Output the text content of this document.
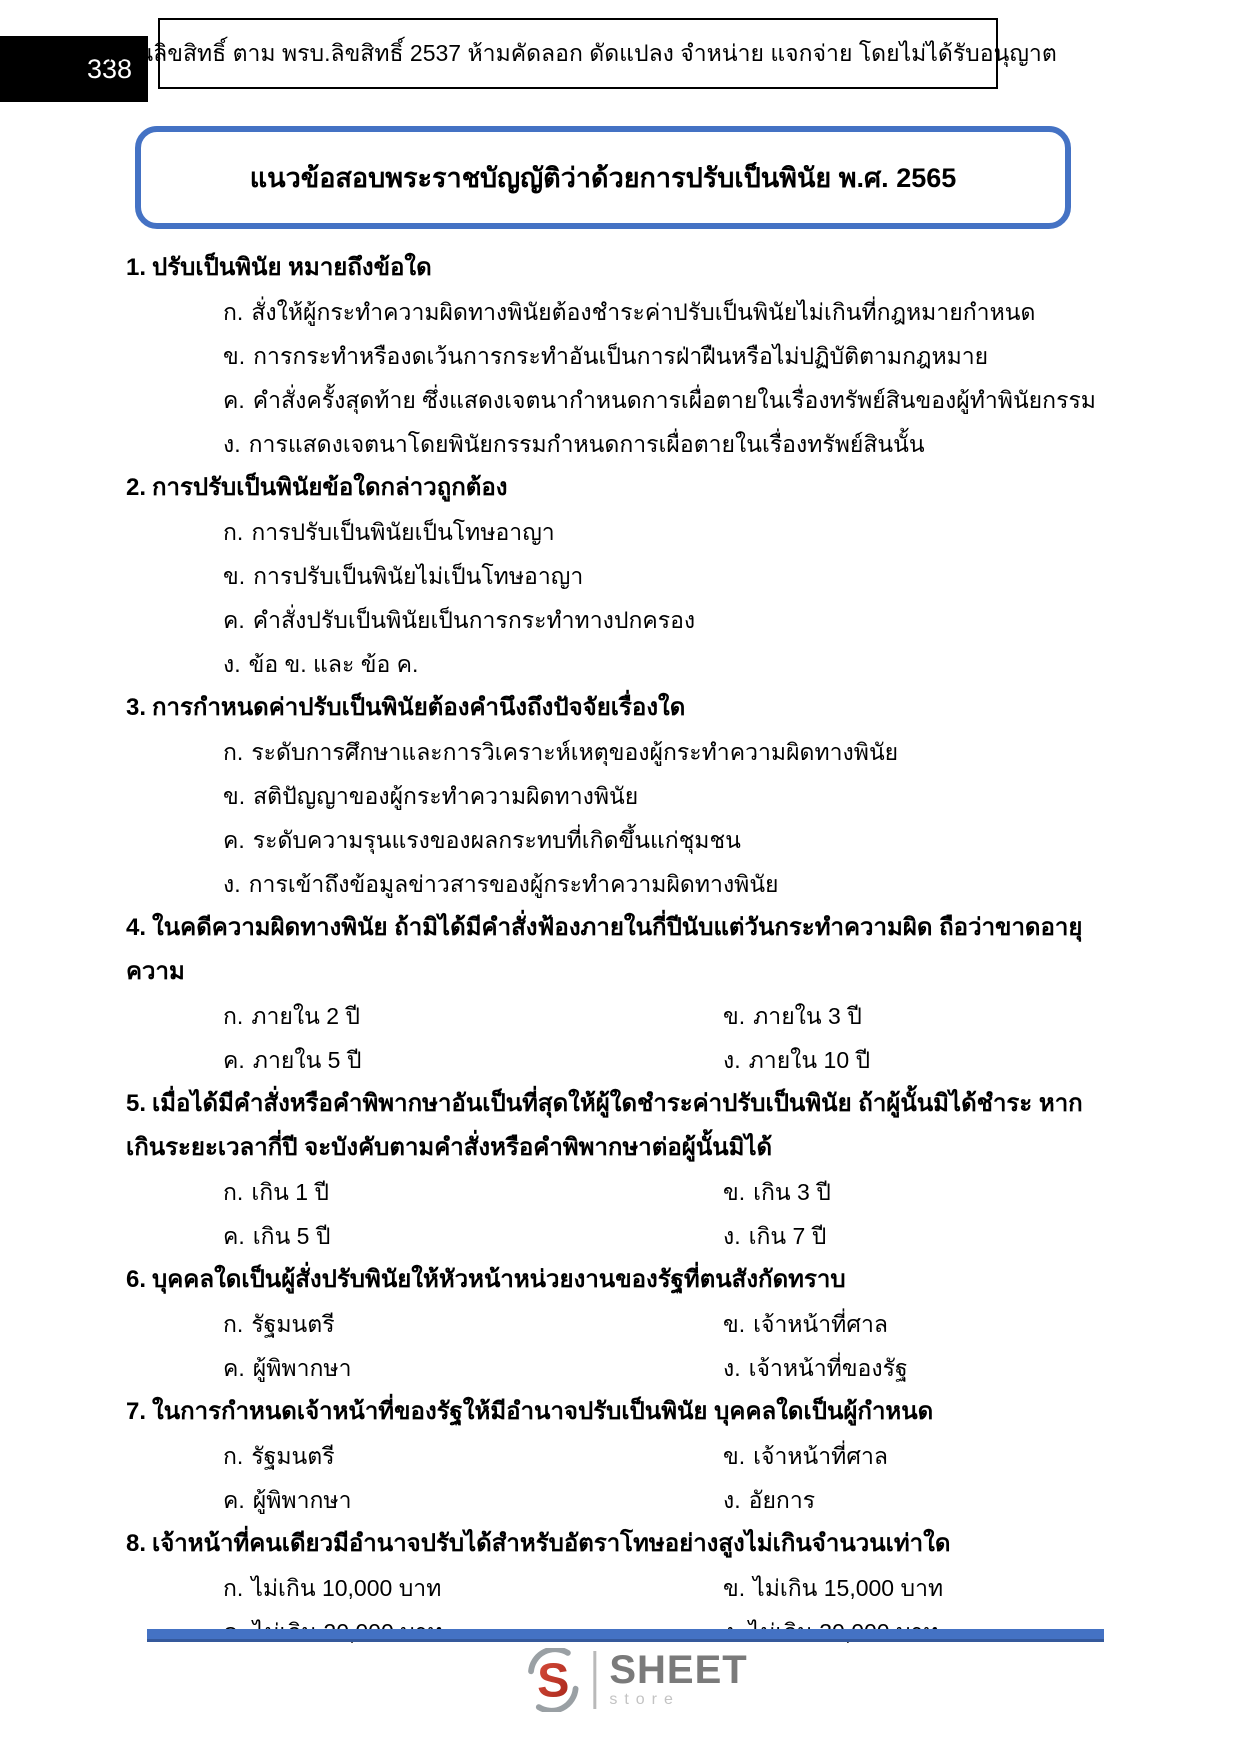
338
สงวนลิขสิทธิ์ ตาม พรบ.ลิขสิทธิ์ 2537 ห้ามคัดลอก ดัดแปลง จำหน่าย แจกจ่าย โดยไม่ได้รับอนุญาต
แนวข้อสอบพระราชบัญญัติว่าด้วยการปรับเป็นพินัย พ.ศ. 2565
1. ปรับเป็นพินัย หมายถึงข้อใด
ก. สั่งให้ผู้กระทำความผิดทางพินัยต้องชำระค่าปรับเป็นพินัยไม่เกินที่กฎหมายกำหนด
ข. การกระทำหรืองดเว้นการกระทำอันเป็นการฝ่าฝืนหรือไม่ปฏิบัติตามกฎหมาย
ค. คำสั่งครั้งสุดท้าย ซึ่งแสดงเจตนากำหนดการเผื่อตายในเรื่องทรัพย์สินของผู้ทำพินัยกรรม
ง. การแสดงเจตนาโดยพินัยกรรมกำหนดการเผื่อตายในเรื่องทรัพย์สินนั้น
2. การปรับเป็นพินัยข้อใดกล่าวถูกต้อง
ก. การปรับเป็นพินัยเป็นโทษอาญา
ข. การปรับเป็นพินัยไม่เป็นโทษอาญา
ค. คำสั่งปรับเป็นพินัยเป็นการกระทำทางปกครอง
ง. ข้อ ข. และ ข้อ ค.
3. การกำหนดค่าปรับเป็นพินัยต้องคำนึงถึงปัจจัยเรื่องใด
ก. ระดับการศึกษาและการวิเคราะห์เหตุของผู้กระทำความผิดทางพินัย
ข. สติปัญญาของผู้กระทำความผิดทางพินัย
ค. ระดับความรุนแรงของผลกระทบที่เกิดขึ้นแก่ชุมชน
ง. การเข้าถึงข้อมูลข่าวสารของผู้กระทำความผิดทางพินัย
4. ในคดีความผิดทางพินัย ถ้ามิได้มีคำสั่งฟ้องภายในกี่ปีนับแต่วันกระทำความผิด ถือว่าขาดอายุความ
ก. ภายใน 2 ปี	ข. ภายใน 3 ปี
ค. ภายใน 5 ปี	ง. ภายใน 10 ปี
5. เมื่อได้มีคำสั่งหรือคำพิพากษาอันเป็นที่สุดให้ผู้ใดชำระค่าปรับเป็นพินัย ถ้าผู้นั้นมิได้ชำระ หากเกินระยะเวลากี่ปี จะบังคับตามคำสั่งหรือคำพิพากษาต่อผู้นั้นมิได้
ก. เกิน 1 ปี	ข. เกิน 3 ปี
ค. เกิน 5 ปี	ง. เกิน 7 ปี
6. บุคคลใดเป็นผู้สั่งปรับพินัยให้หัวหน้าหน่วยงานของรัฐที่ตนสังกัดทราบ
ก. รัฐมนตรี	ข. เจ้าหน้าที่ศาล
ค. ผู้พิพากษา	ง. เจ้าหน้าที่ของรัฐ
7. ในการกำหนดเจ้าหน้าที่ของรัฐให้มีอำนาจปรับเป็นพินัย บุคคลใดเป็นผู้กำหนด
ก. รัฐมนตรี	ข. เจ้าหน้าที่ศาล
ค. ผู้พิพากษา	ง. อัยการ
8. เจ้าหน้าที่คนเดียวมีอำนาจปรับได้สำหรับอัตราโทษอย่างสูงไม่เกินจำนวนเท่าใด
ก. ไม่เกิน 10,000 บาท	ข. ไม่เกิน 15,000 บาท
S SHEET
store
